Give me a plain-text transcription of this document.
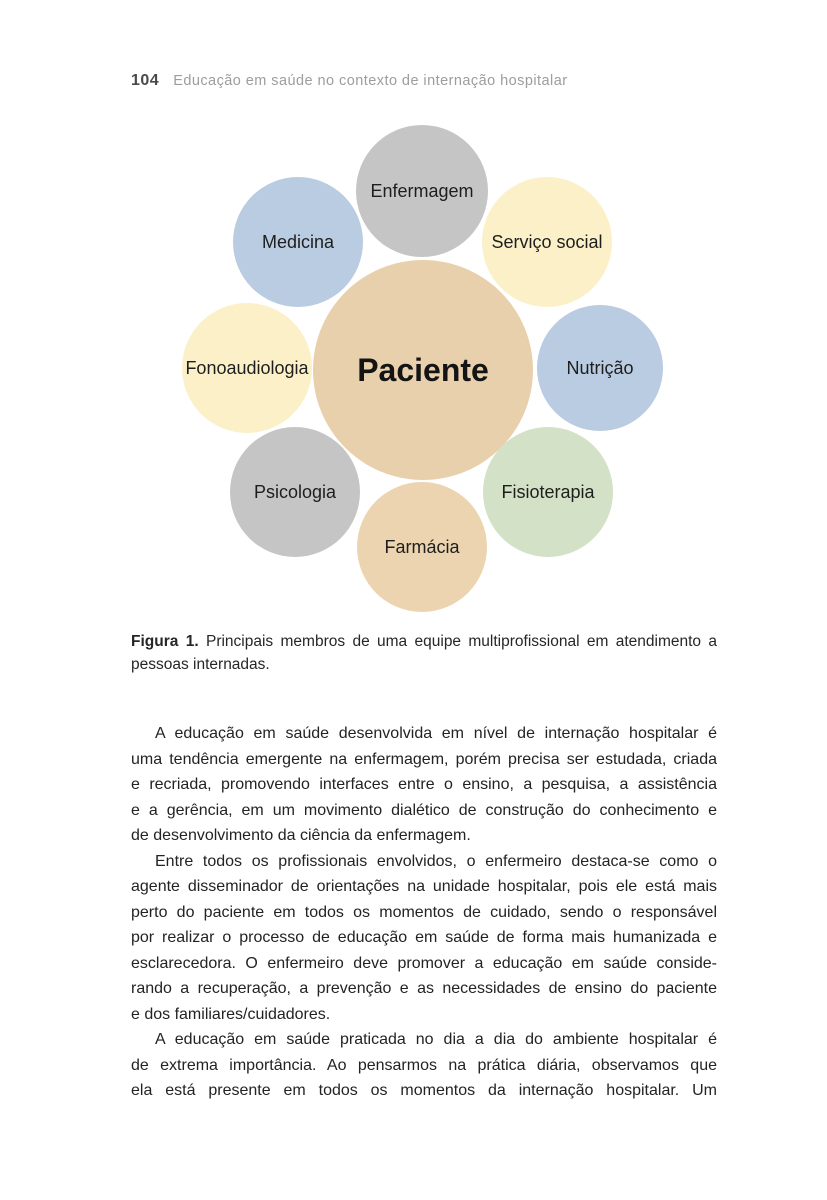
104 Educação em saúde no contexto de internação hospitalar
Enfermagem
Medicina	Serviço social
Fonoaudiologia Paciente	Nutrição
Psicologia	Fisioterapia
Farmácia

Figura 1. Principais membros de uma equipe multiprofissional em atendimento a pessoas internadas.

A educação em saúde desenvolvida em nível de internação hospitalar é
uma tendência emergente na enfermagem, porém precisa ser estudada, criada
e recriada, promovendo interfaces entre o ensino, a pesquisa, a assistência
e a gerência, em um movimento dialético de construção do conhecimento e
de desenvolvimento da ciência da enfermagem.
Entre todos os profissionais envolvidos, o enfermeiro destaca-se como o
agente disseminador de orientações na unidade hospitalar, pois ele está mais
perto do paciente em todos os momentos de cuidado, sendo o responsável
por realizar o processo de educação em saúde de forma mais humanizada e
esclarecedora. O enfermeiro deve promover a educação em saúde conside-
rando a recuperação, a prevenção e as necessidades de ensino do paciente
e dos familiares/cuidadores.
A educação em saúde praticada no dia a dia do ambiente hospitalar é
de extrema importância. Ao pensarmos na prática diária, observamos que
ela está presente em todos os momentos da internação hospitalar. Um
